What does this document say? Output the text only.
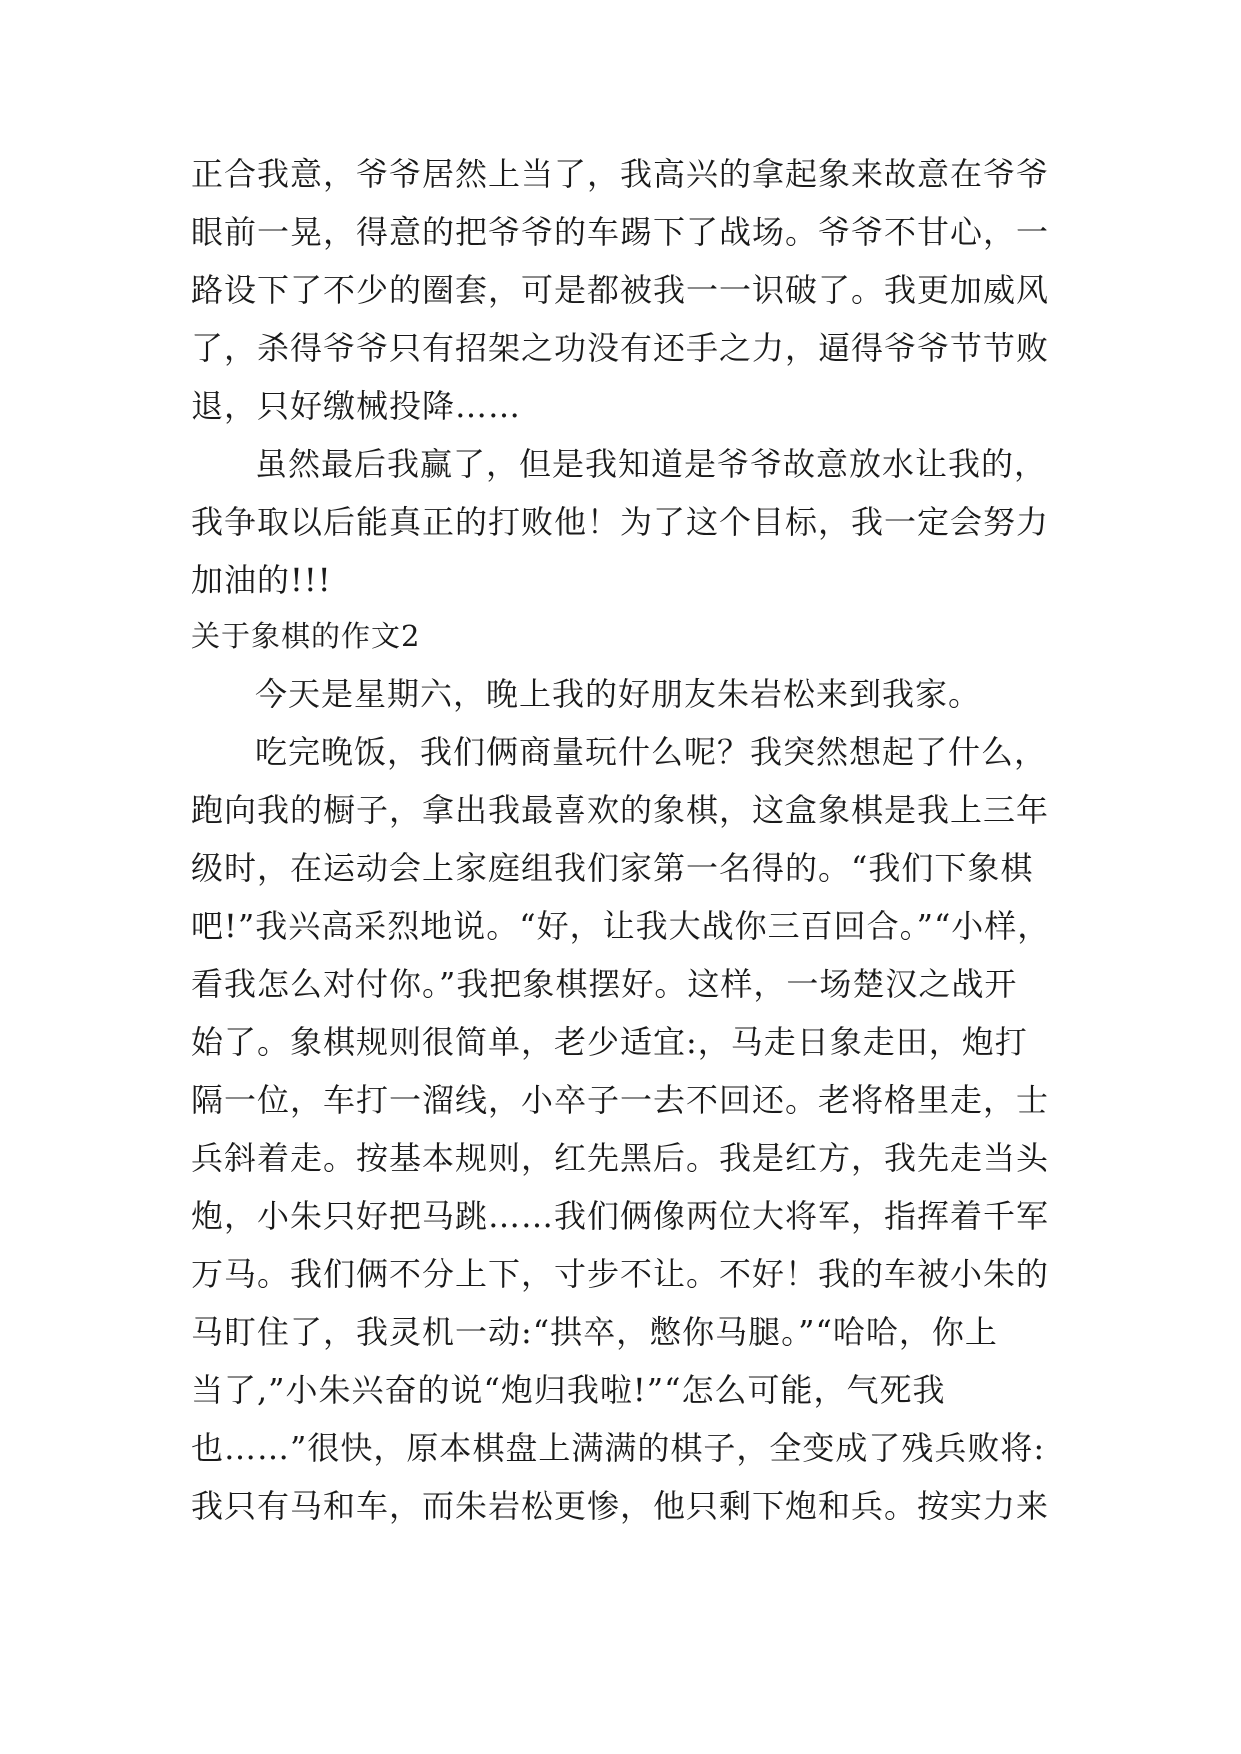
正合我意，爷爷居然上当了，我高兴的拿起象来故意在爷爷
眼前一晃，得意的把爷爷的车踢下了战场。爷爷不甘心，一
路设下了不少的圈套，可是都被我一一识破了。我更加威风
了，杀得爷爷只有招架之功没有还手之力，逼得爷爷节节败
退，只好缴械投降……
虽然最后我赢了，但是我知道是爷爷故意放水让我的，
我争取以后能真正的打败他！为了这个目标，我一定会努力
加油的!!!
关于象棋的作文2
今天是星期六，晚上我的好朋友朱岩松来到我家。
吃完晚饭，我们俩商量玩什么呢？我突然想起了什么，
跑向我的橱子，拿出我最喜欢的象棋，这盒象棋是我上三年
级时，在运动会上家庭组我们家第一名得的。“我们下象棋
吧!”我兴高采烈地说。“好，让我大战你三百回合。”“小样，
看我怎么对付你。”我把象棋摆好。这样，一场楚汉之战开
始了。象棋规则很简单，老少适宜:，马走日象走田，炮打
隔一位，车打一溜线，小卒子一去不回还。老将格里走，士
兵斜着走。按基本规则，红先黑后。我是红方，我先走当头
炮，小朱只好把马跳……我们俩像两位大将军，指挥着千军
万马。我们俩不分上下，寸步不让。不好！我的车被小朱的
马盯住了，我灵机一动:“拱卒，憋你马腿。”“哈哈，你上
当了,”小朱兴奋的说“炮归我啦!”“怎么可能，气死我
也……”很快，原本棋盘上满满的棋子，全变成了残兵败将:
我只有马和车，而朱岩松更惨，他只剩下炮和兵。按实力来
